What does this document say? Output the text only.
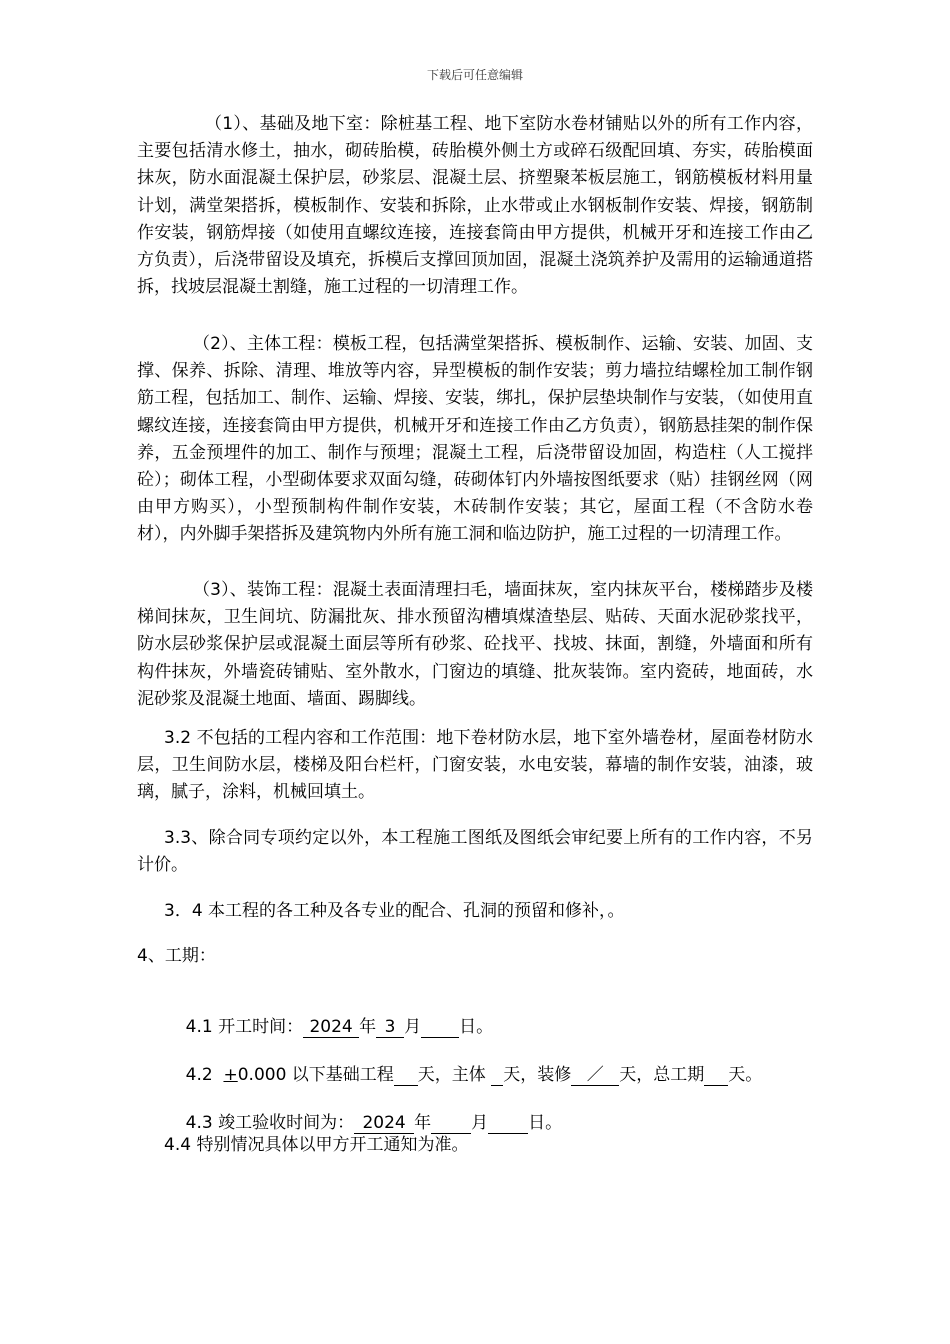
下载后可任意编辑

（1）、基础及地下室：除桩基工程、地下室防水卷材铺贴以外的所有工作内容，主要包括清水修土，抽水，砌砖胎模，砖胎模外侧土方或碎石级配回填、夯实，砖胎模面抹灰，防水面混凝土保护层，砂浆层、混凝土层、挤塑聚苯板层施工，钢筋模板材料用量计划，满堂架搭拆，模板制作、安装和拆除，止水带或止水钢板制作安装、焊接，钢筋制作安装，钢筋焊接（如使用直螺纹连接，连接套筒由甲方提供，机械开牙和连接工作由乙方负责），后浇带留设及填充，拆模后支撑回顶加固，混凝土浇筑养护及需用的运输通道搭拆，找坡层混凝土割缝，施工过程的一切清理工作。

（2）、主体工程：模板工程，包括满堂架搭拆、模板制作、运输、安装、加固、支撑、保养、拆除、清理、堆放等内容，异型模板的制作安装；剪力墙拉结螺栓加工制作钢筋工程，包括加工、制作、运输、焊接、安装，绑扎，保护层垫块制作与安装，（如使用直螺纹连接，连接套筒由甲方提供，机械开牙和连接工作由乙方负责），钢筋悬挂架的制作保养，五金预埋件的加工、制作与预埋；混凝土工程，后浇带留设加固，构造柱（人工搅拌砼）；砌体工程，小型砌体要求双面勾缝，砖砌体钉内外墙按图纸要求（贴）挂钢丝网（网由甲方购买），小型预制构件制作安装，木砖制作安装；其它，屋面工程（不含防水卷材），内外脚手架搭拆及建筑物内外所有施工洞和临边防护，施工过程的一切清理工作。

（3）、装饰工程：混凝土表面清理扫毛，墙面抹灰，室内抹灰平台，楼梯踏步及楼梯间抹灰，卫生间坑、防漏批灰、排水预留沟槽填煤渣垫层、贴砖、天面水泥砂浆找平，防水层砂浆保护层或混凝土面层等所有砂浆、砼找平、找坡、抹面，割缝，外墙面和所有构件抹灰，外墙瓷砖铺贴、室外散水，门窗边的填缝、批灰装饰。室内瓷砖，地面砖，水泥砂浆及混凝土地面、墙面、踢脚线。

3.2 不包括的工程内容和工作范围：地下卷材防水层，地下室外墙卷材，屋面卷材防水层，卫生间防水层，楼梯及阳台栏杆，门窗安装，水电安装，幕墙的制作安装，油漆，玻璃，腻子，涂料，机械回填土。

3.3、除合同专项约定以外，本工程施工图纸及图纸会审纪要上所有的工作内容，不另计价。

3．4 本工程的各工种及各专业的配合、孔洞的预留和修补，。

4、工期：

4.1 开工时间： 2024 年 3 月 日。

4.2  +0.000 以下基础工程 天，主体 天，装修 ／ 天，总工期 天。

4.3 竣工验收时间为： 2024 年 月 日。

4.4 特别情况具体以甲方开工通知为准。
